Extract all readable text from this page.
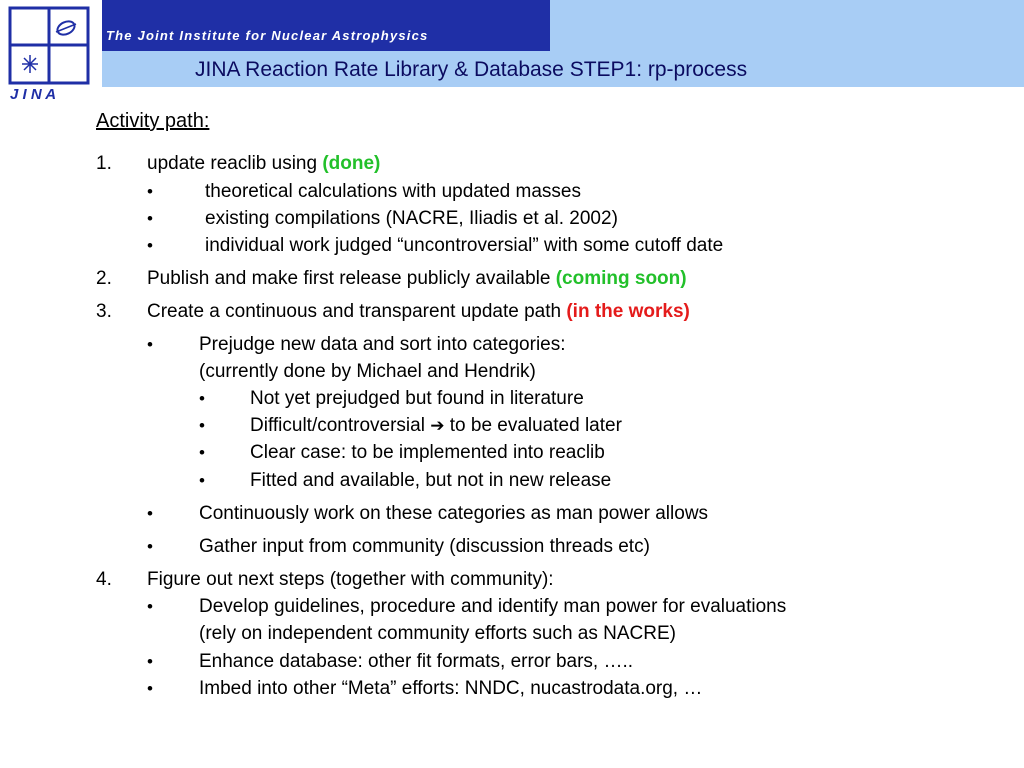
J I N A
The Joint Institute for Nuclear Astrophysics
JINA Reaction Rate Library & Database STEP1: rp-process
Activity path:
1. update reaclib using (done)
•	theoretical calculations with updated masses
•	existing compilations (NACRE, Iliadis et al. 2002)
•	individual work judged “uncontroversial” with some cutoff date
2. Publish and make first release publicly available (coming soon)
3. Create a continuous and transparent update path (in the works)
• Prejudge new data and sort into categories:
(currently done by Michael and Hendrik)
• Not yet prejudged but found in literature
• Difficult/controversial ➔ to be evaluated later
• Clear case: to be implemented into reaclib
• Fitted and available, but not in new release
• Continuously work on these categories as man power allows
• Gather input from community (discussion threads etc)
4. Figure out next steps (together with community):
• Develop guidelines, procedure and identify man power for evaluations
(rely on independent community efforts such as NACRE)
• Enhance database: other fit formats, error bars, …..
• Imbed into other “Meta” efforts: NNDC, nucastrodata.org, …
